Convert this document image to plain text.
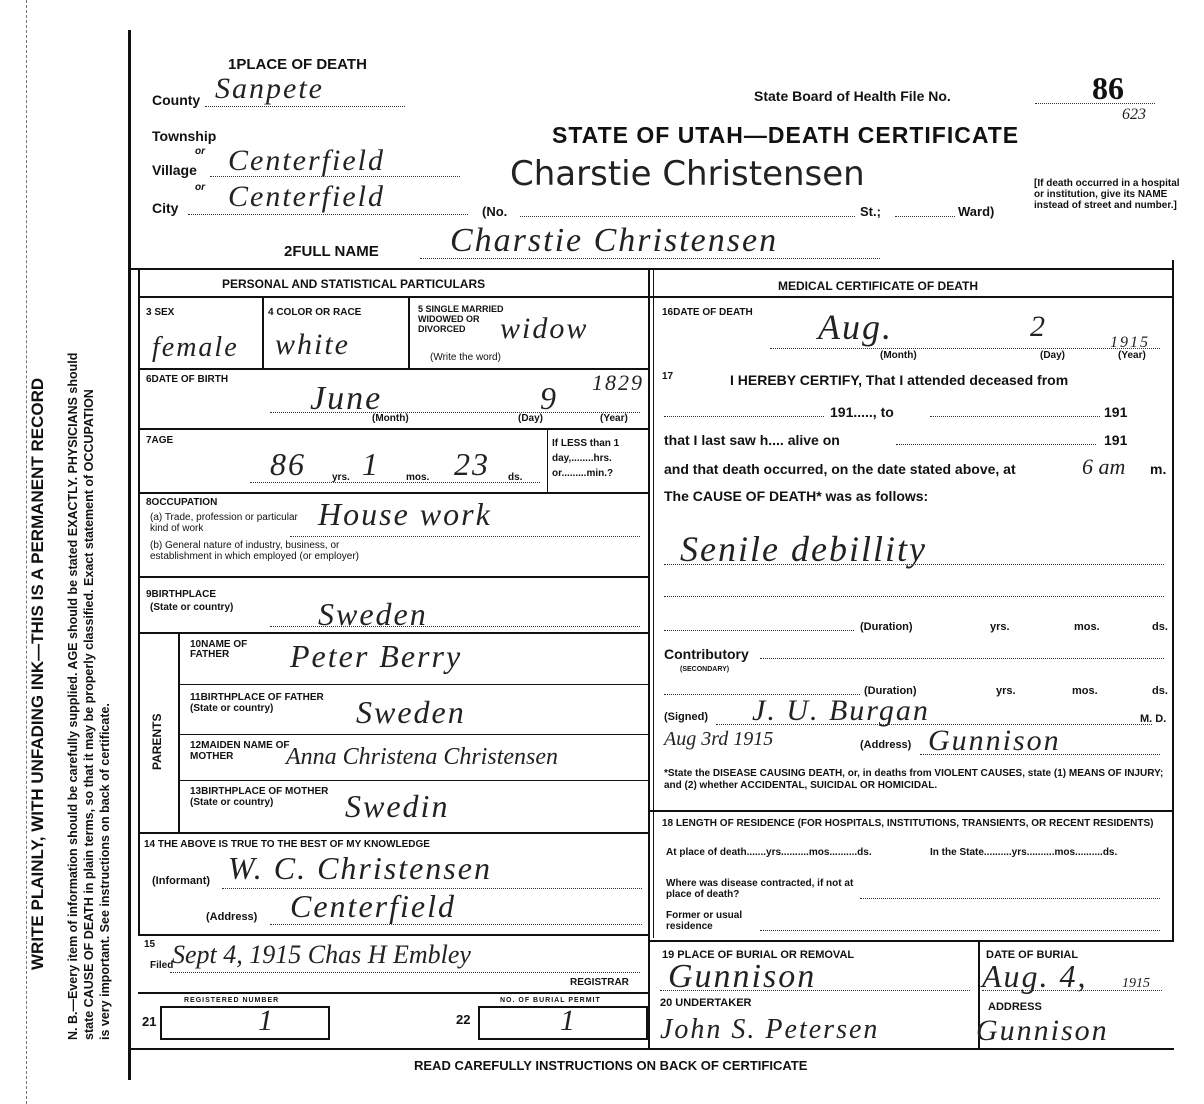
WRITE PLAINLY, WITH UNFADING INK—THIS IS A PERMANENT RECORD N. B.—Every item of information should be carefully supplied. AGE should be stated EXACTLY. PHYSICIANS should state CAUSE OF DEATH in plain terms, so that it may be properly classified. Exact statement of OCCUPATION is very important. See instructions on back of certificate.
1PLACE OF DEATH
County Sanpete
Township
or
Village Centerfield
or
City Centerfield	(No.	St.;	Ward)
State Board of Health File No.	86
623
STATE OF UTAH—DEATH CERTIFICATE
Charstie Christensen	[If death occurred in a hospital or institution, give its NAME instead of street and number.]
2FULL NAME Charstie Christensen
PERSONAL AND STATISTICAL PARTICULARS	MEDICAL CERTIFICATE OF DEATH
3 SEX
female
4 COLOR OR RACE
white
5 SINGLE MARRIED WIDOWED OR DIVORCED
(Write the word)
widow
6DATE OF BIRTH
June	9 1829
(Month)	(Day)	(Year)
7AGE
86	yrs. 1	mos. 23 ds.
If LESS than 1 day,........hrs. or.........min.?
8OCCUPATION
(a) Trade, profession or particular kind of work	House work
(b) General nature of industry, business, or establishment in which employed (or employer)
9BIRTHPLACE
(State or country)	Sweden
PARENTS
10NAME OF FATHER	Peter Berry
11BIRTHPLACE OF FATHER (State or country)	Sweden
12MAIDEN NAME OF MOTHER	Anna Christena Christensen
13BIRTHPLACE OF MOTHER (State or country)	Swedin
14 THE ABOVE IS TRUE TO THE BEST OF MY KNOWLEDGE
(Informant) W. C. Christensen
(Address) Centerfield
15
Filed
Sept 4, 1915 Chas H Embley
REGISTRAR
REGISTERED NUMBER
21	1
NO. OF BURIAL PERMIT
22	1
16DATE OF DEATH Aug.	2	1915
(Month)	(Day)	(Year)
17	I HEREBY CERTIFY, That I attended deceased from
191....., to	191
that I last saw h.... alive on	191
and that death occurred, on the date stated above, at	6 am m.
The CAUSE OF DEATH* was as follows:
Senile debillity
(Duration)	yrs.	mos.	ds.
Contributory
(SECONDARY)
(Duration)	yrs.	mos.	ds.
(Signed) J. U. Burgan	M. D.
Aug 3rd 1915	(Address) Gunnison
*State the DISEASE CAUSING DEATH, or, in deaths from VIOLENT CAUSES, state (1) MEANS OF INJURY; and (2) whether ACCIDENTAL, SUICIDAL OR HOMICIDAL.
18 LENGTH OF RESIDENCE (FOR HOSPITALS, INSTITUTIONS, TRANSIENTS, OR RECENT RESIDENTS)
At place of death.......yrs..........mos..........ds.	In the State..........yrs..........mos..........ds.
Where was disease contracted, if not at place of death?
Former or usual residence
19 PLACE OF BURIAL OR REMOVAL
Gunnison
DATE OF BURIAL
Aug. 4, 1915
20 UNDERTAKER
John S. Petersen
ADDRESS
Gunnison
READ CAREFULLY INSTRUCTIONS ON BACK OF CERTIFICATE
